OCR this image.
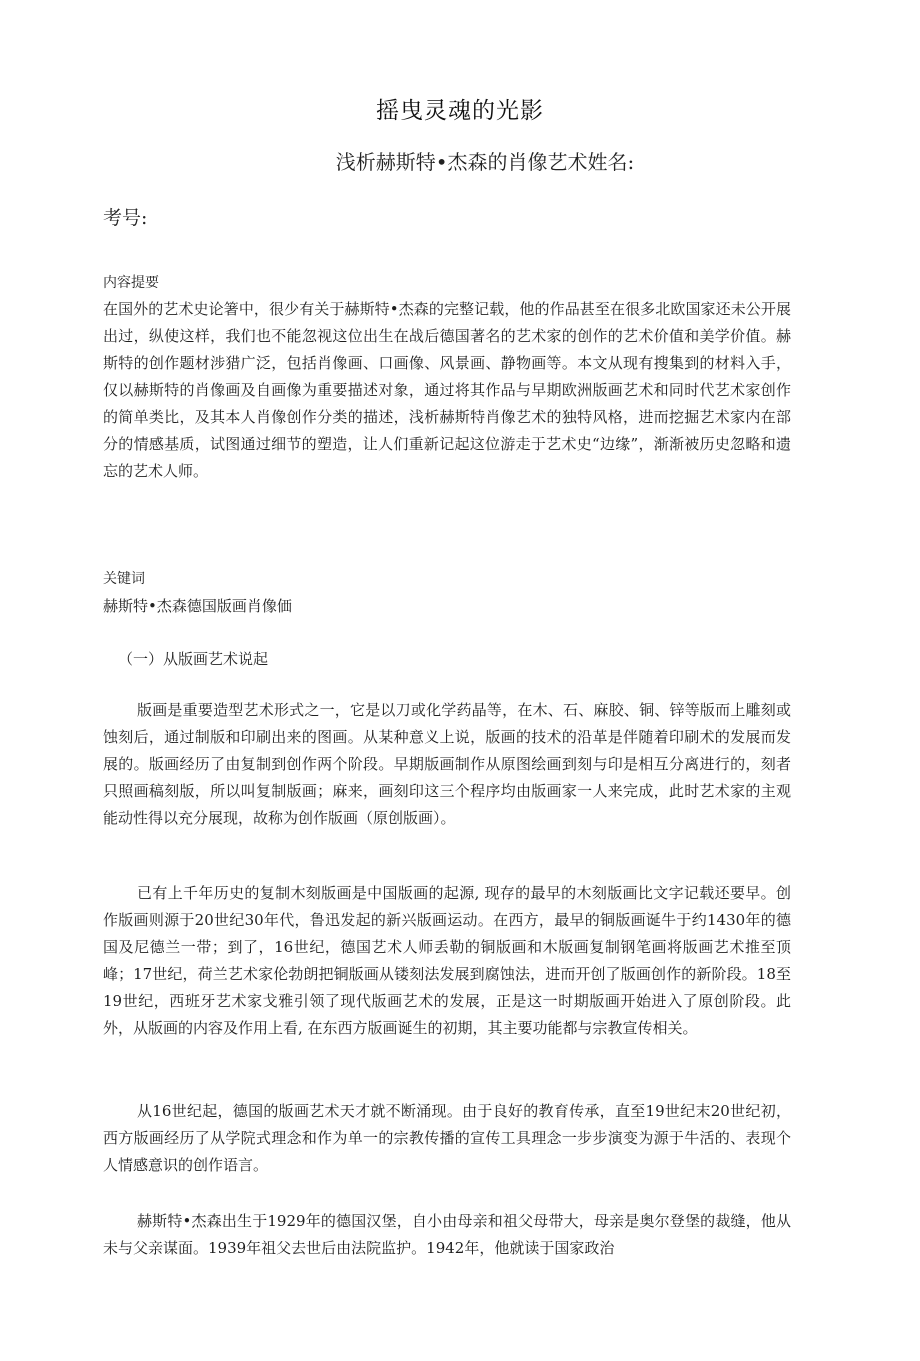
摇曳灵魂的光影
浅析赫斯特•杰森的肖像艺术姓名:
考号:
内容提要
在国外的艺术史论箸中，很少有关于赫斯特•杰森的完整记载，他的作品甚至在很多北欧国家还未公开展出过，纵使这样，我们也不能忽视这位出生在战后德国著名的艺术家的创作的艺术价值和美学价值。赫斯特的创作题材涉猎广泛，包括肖像画、口画像、风景画、静物画等。本文从现有搜集到的材料入手，仅以赫斯特的肖像画及自画像为重要描述对象，通过将其作品与早期欧洲版画艺术和同时代艺术家创作的简单类比，及其本人肖像创作分类的描述，浅析赫斯特肖像艺术的独特风格，进而挖掘艺术家内在部分的情感基质，试图通过细节的塑造，让人们重新记起这位游走于艺术史“边缘”，渐渐被历史忽略和遗忘的艺术人师。
关键词
赫斯特•杰森德国版画肖像価
（一）从版画艺术说起
版画是重要造型艺术形式之一，它是以刀或化学药晶等，在木、石、麻胶、铜、锌等版而上雕刻或蚀刻后，通过制版和印刷出来的图画。从某种意义上说，版画的技术的沿革是伴随着印刷术的发展而发展的。版画经历了由复制到创作两个阶段。早期版画制作从原图绘画到刻与印是相互分离进行的，刻者只照画稿刻版，所以叫复制版画；麻来，画刻印这三个程序均由版画家一人来完成，此时艺术家的主观能动性得以充分展现，故称为创作版画（原创版画）。
已有上千年历史的复制木刻版画是中国版画的起源, 现存的最早的木刻版画比文字记载还要早。创作版画则源于20世纪30年代，鲁迅发起的新兴版画运动。在西方，最早的铜版画诞牛于约1430年的德国及尼德兰一带；到了，16世纪，德国艺术人师丢勒的铜版画和木版画复制钢笔画将版画艺术推至顶峰；17世纪，荷兰艺术家伦勃朗把铜版画从镂刻法发展到腐蚀法，进而开创了版画创作的新阶段。18至19世纪，西班牙艺术家戈雅引领了现代版画艺术的发展，正是这一时期版画开始进入了原创阶段。此外，从版画的内容及作用上看, 在东西方版画诞生的初期，其主要功能都与宗教宣传相关。
从16世纪起，德国的版画艺术天才就不断涌现。由于良好的教育传承，直至19世纪末20世纪初，西方版画经历了从学院式理念和作为单一的宗教传播的宣传工具理念一步步演变为源于牛活的、表现个人情感意识的创作语言。
赫斯特•杰森出生于1929年的德国汉堡，自小由母亲和祖父母带大，母亲是奥尔登堡的裁缝，他从未与父亲谋面。1939年祖父去世后由法院监护。1942年，他就读于国家政治
